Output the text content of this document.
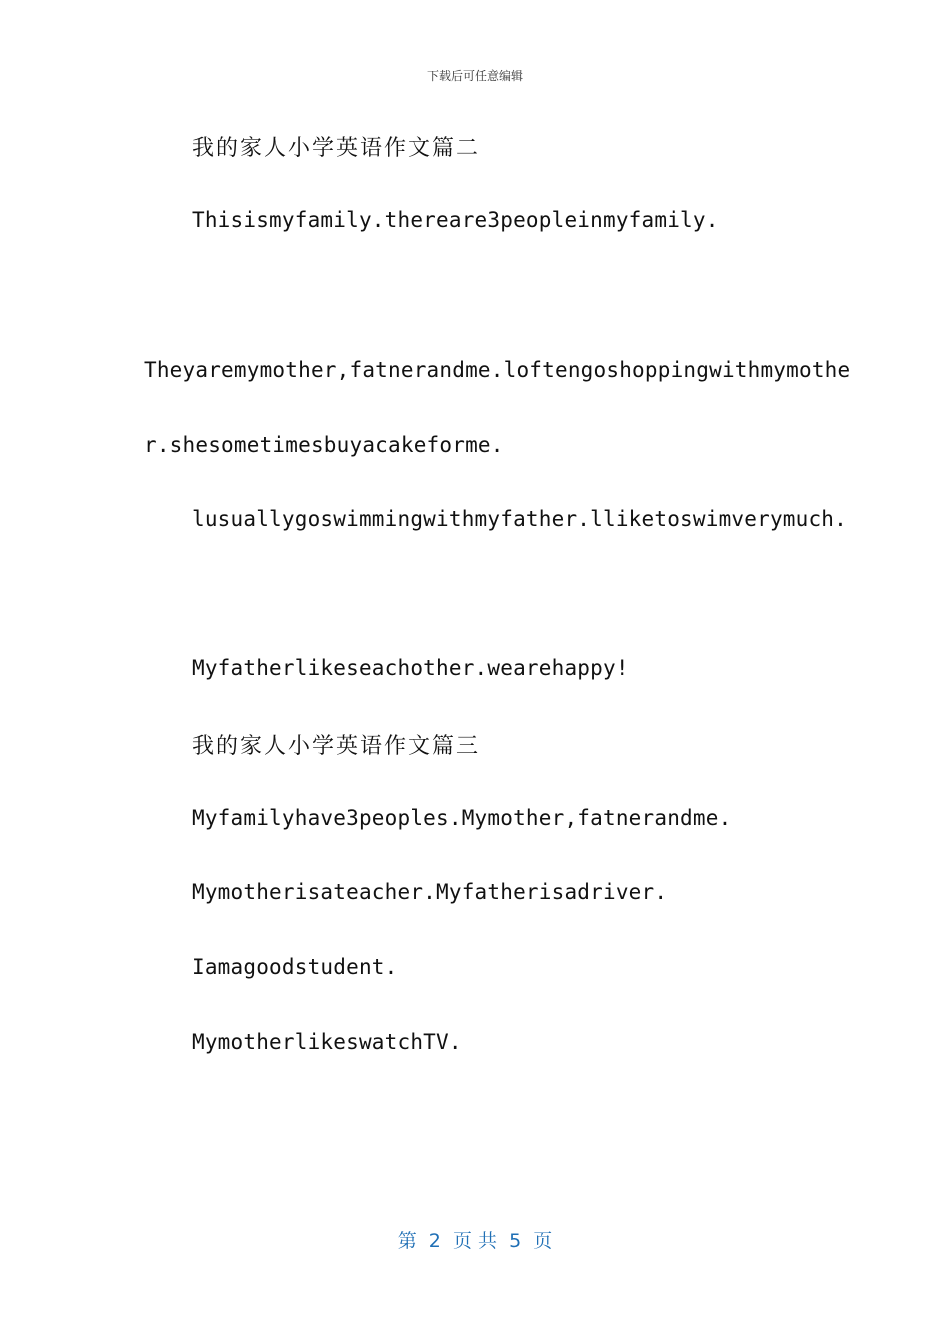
下载后可任意编辑
我的家人小学英语作文篇二
Thisismyfamily.thereare3peopleinmyfamily.
Theyaremymother,fatnerandme.loftengoshoppingwithmymothe
r.shesometimesbuyacakeforme.
lusuallygoswimmingwithmyfather.lliketoswimverymuch.
Myfatherlikeseachother.wearehappy!
我的家人小学英语作文篇三
Myfamilyhave3peoples.Mymother,fatnerandme.
Mymotherisateacher.Myfatherisadriver.
Iamagoodstudent.
MymotherlikeswatchTV.
第  2  页 共  5  页
